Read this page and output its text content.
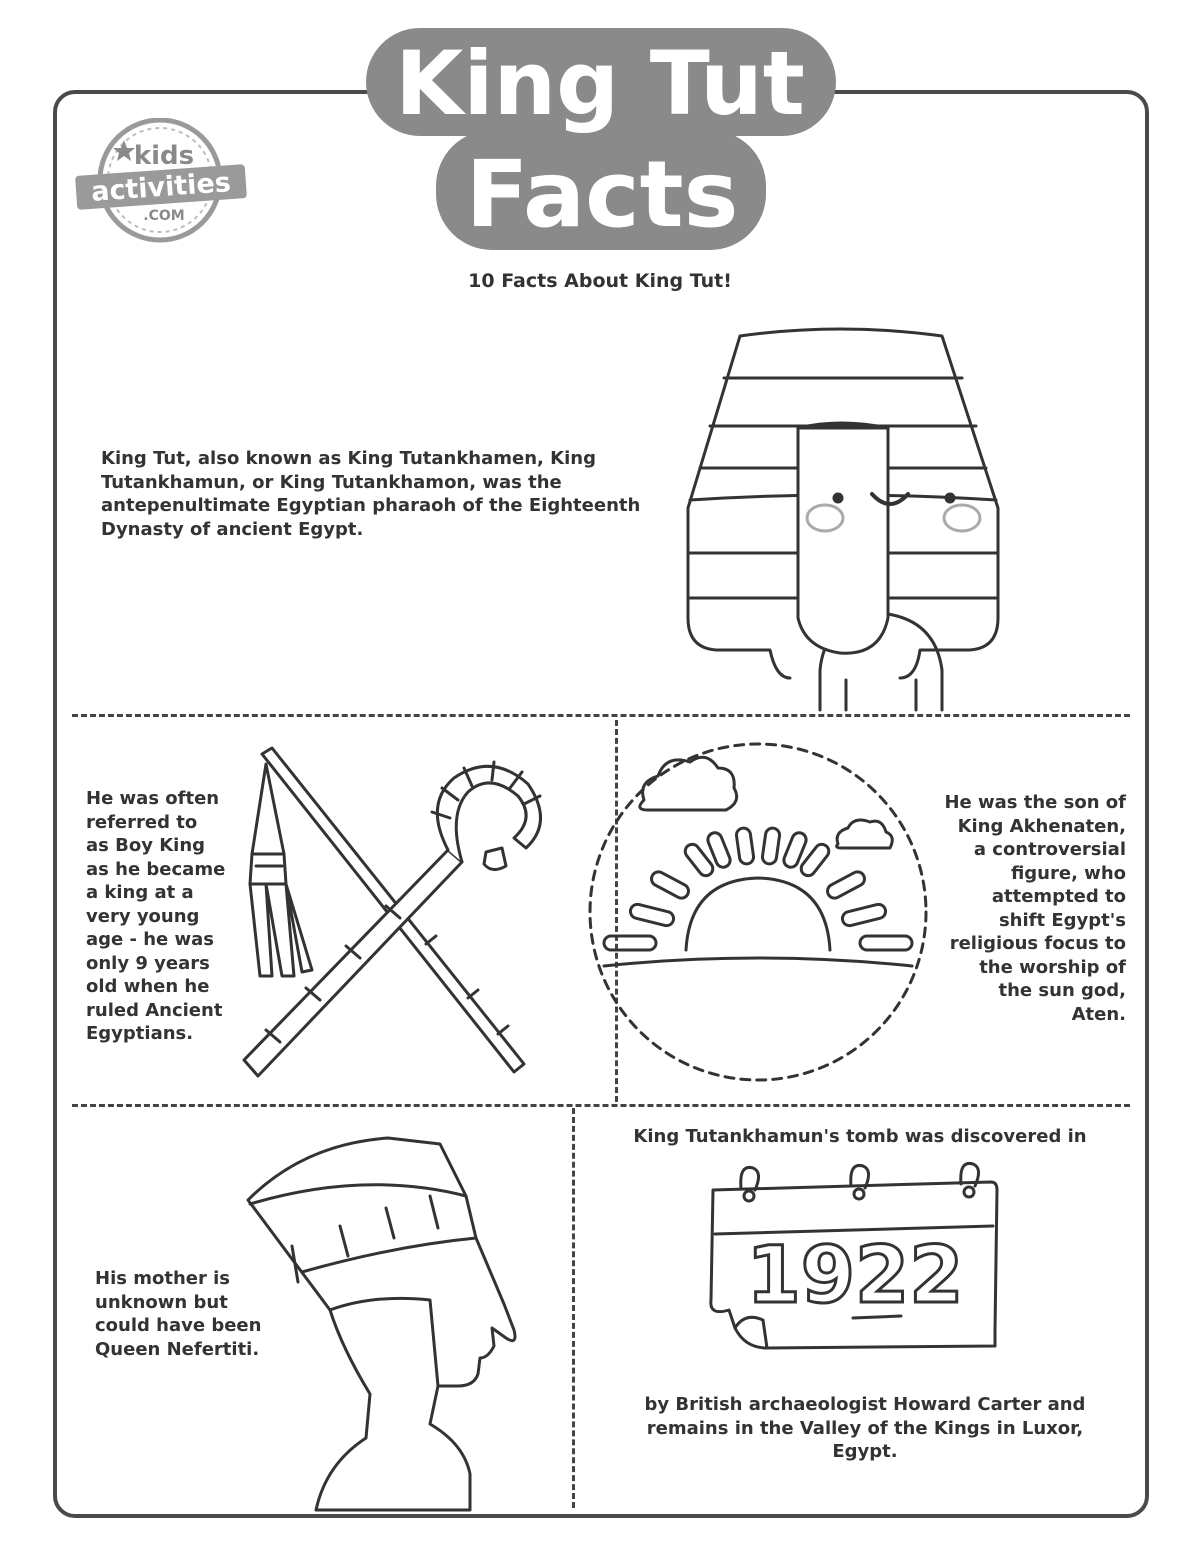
King Tut
Facts
kids
activities
.COM
10 Facts About King Tut!
King Tut, also known as King Tutankhamen, King Tutankhamun, or King Tutankhamon, was the antepenultimate Egyptian pharaoh of the Eighteenth Dynasty of ancient Egypt.
He was often referred to as Boy King as he became a king at a very young age - he was only 9 years old when he ruled Ancient Egyptians.
He was the son of King Akhenaten, a controversial figure, who attempted to shift Egypt's religious focus to the worship of the sun god, Aten.
His mother is unknown but could have been Queen Nefertiti.
King Tutankhamun's tomb was discovered in
1922
by British archaeologist Howard Carter and remains in the Valley of the Kings in Luxor, Egypt.
